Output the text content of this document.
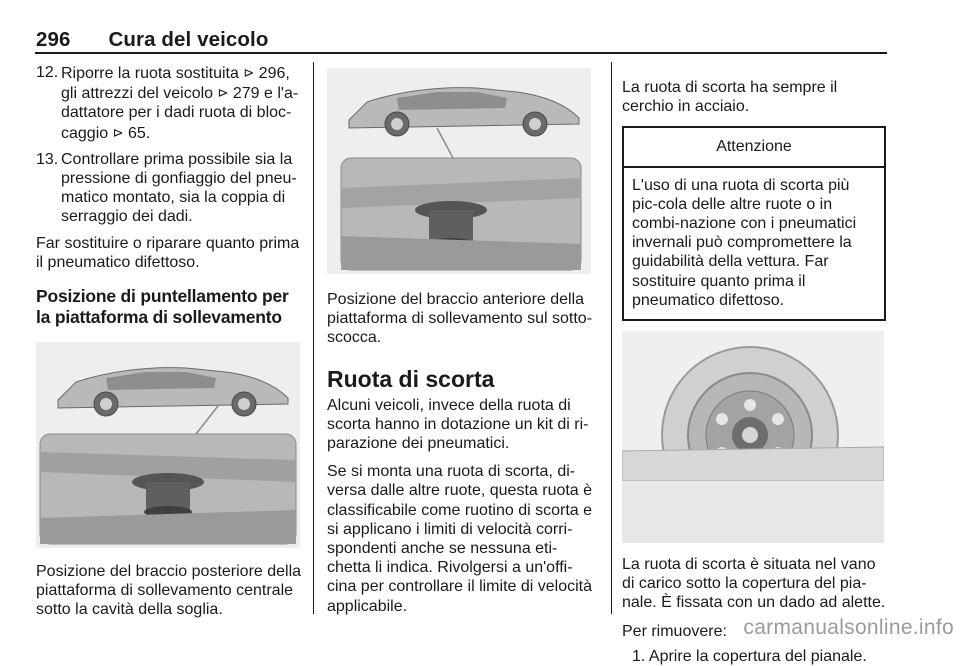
296 Cura del veicolo
12. Riporre la ruota sostituita ⊳ 296,
gli attrezzi del veicolo ⊳ 279 e l'a-
dattatore per i dadi ruota di bloc-
caggio ⊳ 65.
13. Controllare prima possibile sia la pressione di gonfiaggio del pneu-matico montato, sia la coppia di serraggio dei dadi.

Far sostituire o riparare quanto prima il pneumatico difettoso.

Posizione di puntellamento per la piattaforma di sollevamento

Posizione del braccio posteriore della piattaforma di sollevamento centrale sotto la cavità della soglia.

Posizione del braccio anteriore della piattaforma di sollevamento sul sotto-scocca.

Ruota di scorta

Alcuni veicoli, invece della ruota di scorta hanno in dotazione un kit di ri-parazione dei pneumatici.

Se si monta una ruota di scorta, di-versa dalle altre ruote, questa ruota è classificabile come ruotino di scorta e si applicano i limiti di velocità corri-spondenti anche se nessuna eti-chetta li indica. Rivolgersi a un'offi-cina per controllare il limite di velocità applicabile.

La ruota di scorta ha sempre il cerchio in acciaio.

Attenzione
L'uso di una ruota di scorta più pic-cola delle altre ruote o in combi-nazione con i pneumatici invernali può compromettere la guidabilità della vettura. Far sostituire quanto prima il pneumatico difettoso.

La ruota di scorta è situata nel vano di carico sotto la copertura del pia-nale. È fissata con un dado ad alette.

Per rimuovere:

1. Aprire la copertura del pianale.
carmanualsonline.info
